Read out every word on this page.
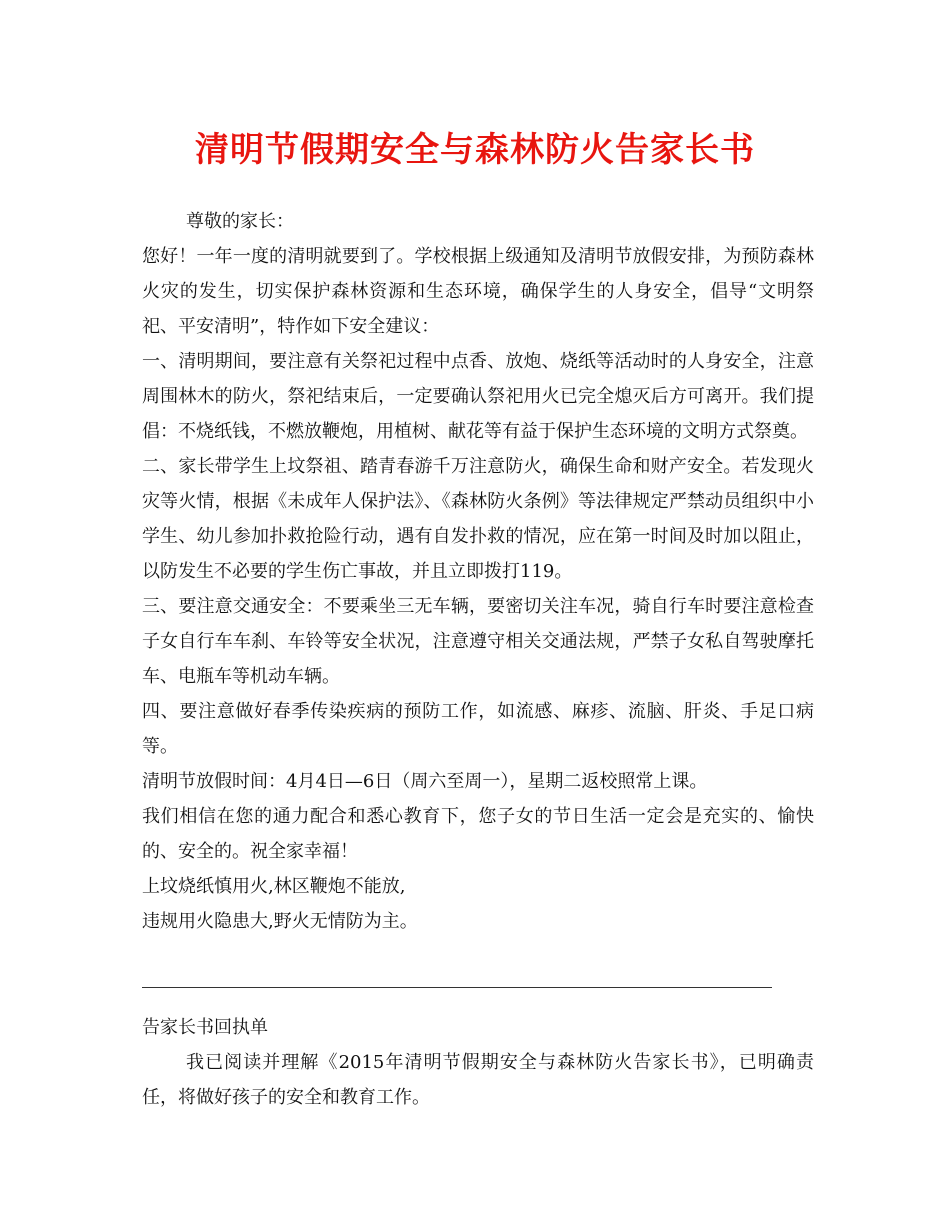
清明节假期安全与森林防火告家长书

尊敬的家长：

您好！一年一度的清明就要到了。学校根据上级通知及清明节放假安排，为预防森林火灾的发生，切实保护森林资源和生态环境，确保学生的人身安全，倡导“文明祭祀、平安清明”，特作如下安全建议：

一、清明期间，要注意有关祭祀过程中点香、放炮、烧纸等活动时的人身安全，注意周围林木的防火，祭祀结束后，一定要确认祭祀用火已完全熄灭后方可离开。我们提倡：不烧纸钱，不燃放鞭炮，用植树、献花等有益于保护生态环境的文明方式祭奠。

二、家长带学生上坟祭祖、踏青春游千万注意防火，确保生命和财产安全。若发现火灾等火情，根据《未成年人保护法》、《森林防火条例》等法律规定严禁动员组织中小学生、幼儿参加扑救抢险行动，遇有自发扑救的情况，应在第一时间及时加以阻止，以防发生不必要的学生伤亡事故，并且立即拨打119。

三、要注意交通安全：不要乘坐三无车辆，要密切关注车况，骑自行车时要注意检查子女自行车车刹、车铃等安全状况，注意遵守相关交通法规，严禁子女私自驾驶摩托车、电瓶车等机动车辆。

四、要注意做好春季传染疾病的预防工作，如流感、麻疹、流脑、肝炎、手足口病等。

清明节放假时间：4月4日—6日（周六至周一），星期二返校照常上课。

我们相信在您的通力配合和悉心教育下，您子女的节日生活一定会是充实的、愉快的、安全的。祝全家幸福！

上坟烧纸慎用火,林区鞭炮不能放,

违规用火隐患大,野火无情防为主。

告家长书回执单

我已阅读并理解《2015年清明节假期安全与森林防火告家长书》，已明确责任，将做好孩子的安全和教育工作。
